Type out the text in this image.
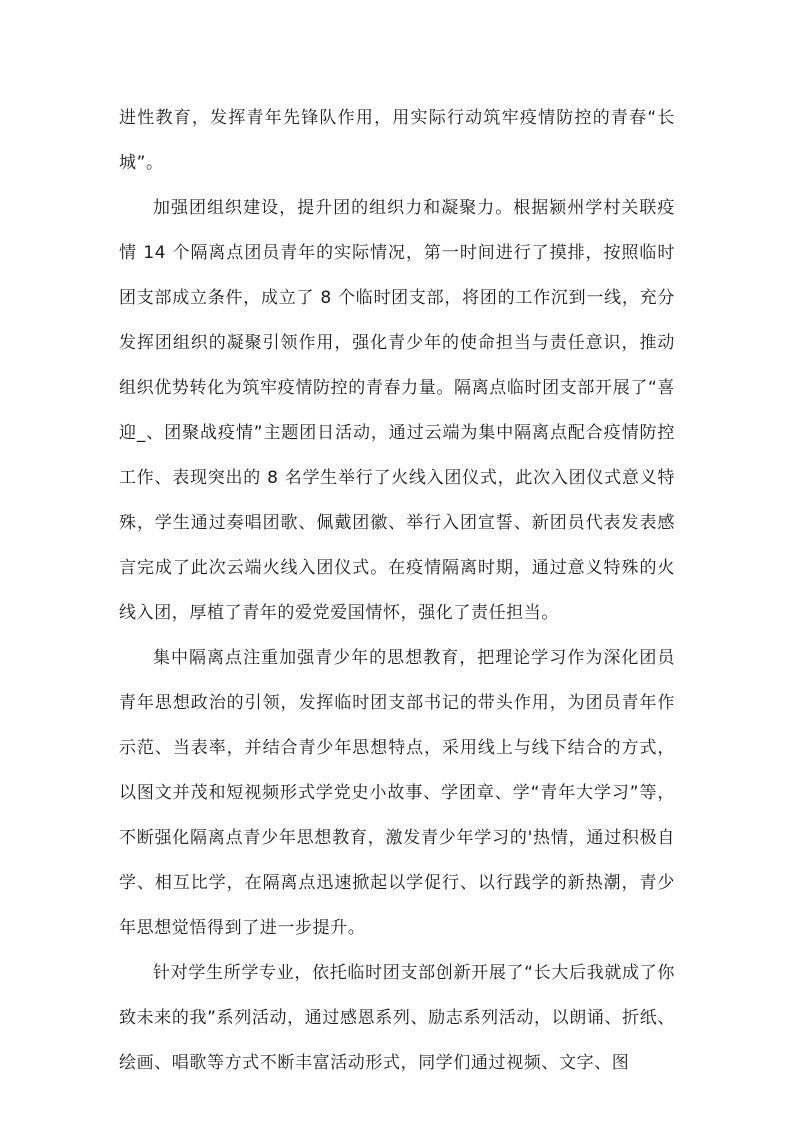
进性教育，发挥青年先锋队作用，用实际行动筑牢疫情防控的青春“长城”。

加强团组织建设，提升团的组织力和凝聚力。根据颍州学村关联疫情 14 个隔离点团员青年的实际情况，第一时间进行了摸排，按照临时团支部成立条件，成立了 8 个临时团支部，将团的工作沉到一线，充分发挥团组织的凝聚引领作用，强化青少年的使命担当与责任意识，推动组织优势转化为筑牢疫情防控的青春力量。隔离点临时团支部开展了“喜迎_、团聚战疫情”主题团日活动，通过云端为集中隔离点配合疫情防控工作、表现突出的 8 名学生举行了火线入团仪式，此次入团仪式意义特殊，学生通过奏唱团歌、佩戴团徽、举行入团宣誓、新团员代表发表感言完成了此次云端火线入团仪式。在疫情隔离时期，通过意义特殊的火线入团，厚植了青年的爱党爱国情怀，强化了责任担当。

集中隔离点注重加强青少年的思想教育，把理论学习作为深化团员青年思想政治的引领，发挥临时团支部书记的带头作用，为团员青年作示范、当表率，并结合青少年思想特点，采用线上与线下结合的方式，以图文并茂和短视频形式学党史小故事、学团章、学“青年大学习”等，不断强化隔离点青少年思想教育，激发青少年学习的'热情，通过积极自学、相互比学，在隔离点迅速掀起以学促行、以行践学的新热潮，青少年思想觉悟得到了进一步提升。

针对学生所学专业，依托临时团支部创新开展了“长大后我就成了你致未来的我”系列活动，通过感恩系列、励志系列活动，以朗诵、折纸、绘画、唱歌等方式不断丰富活动形式，同学们通过视频、文字、图
